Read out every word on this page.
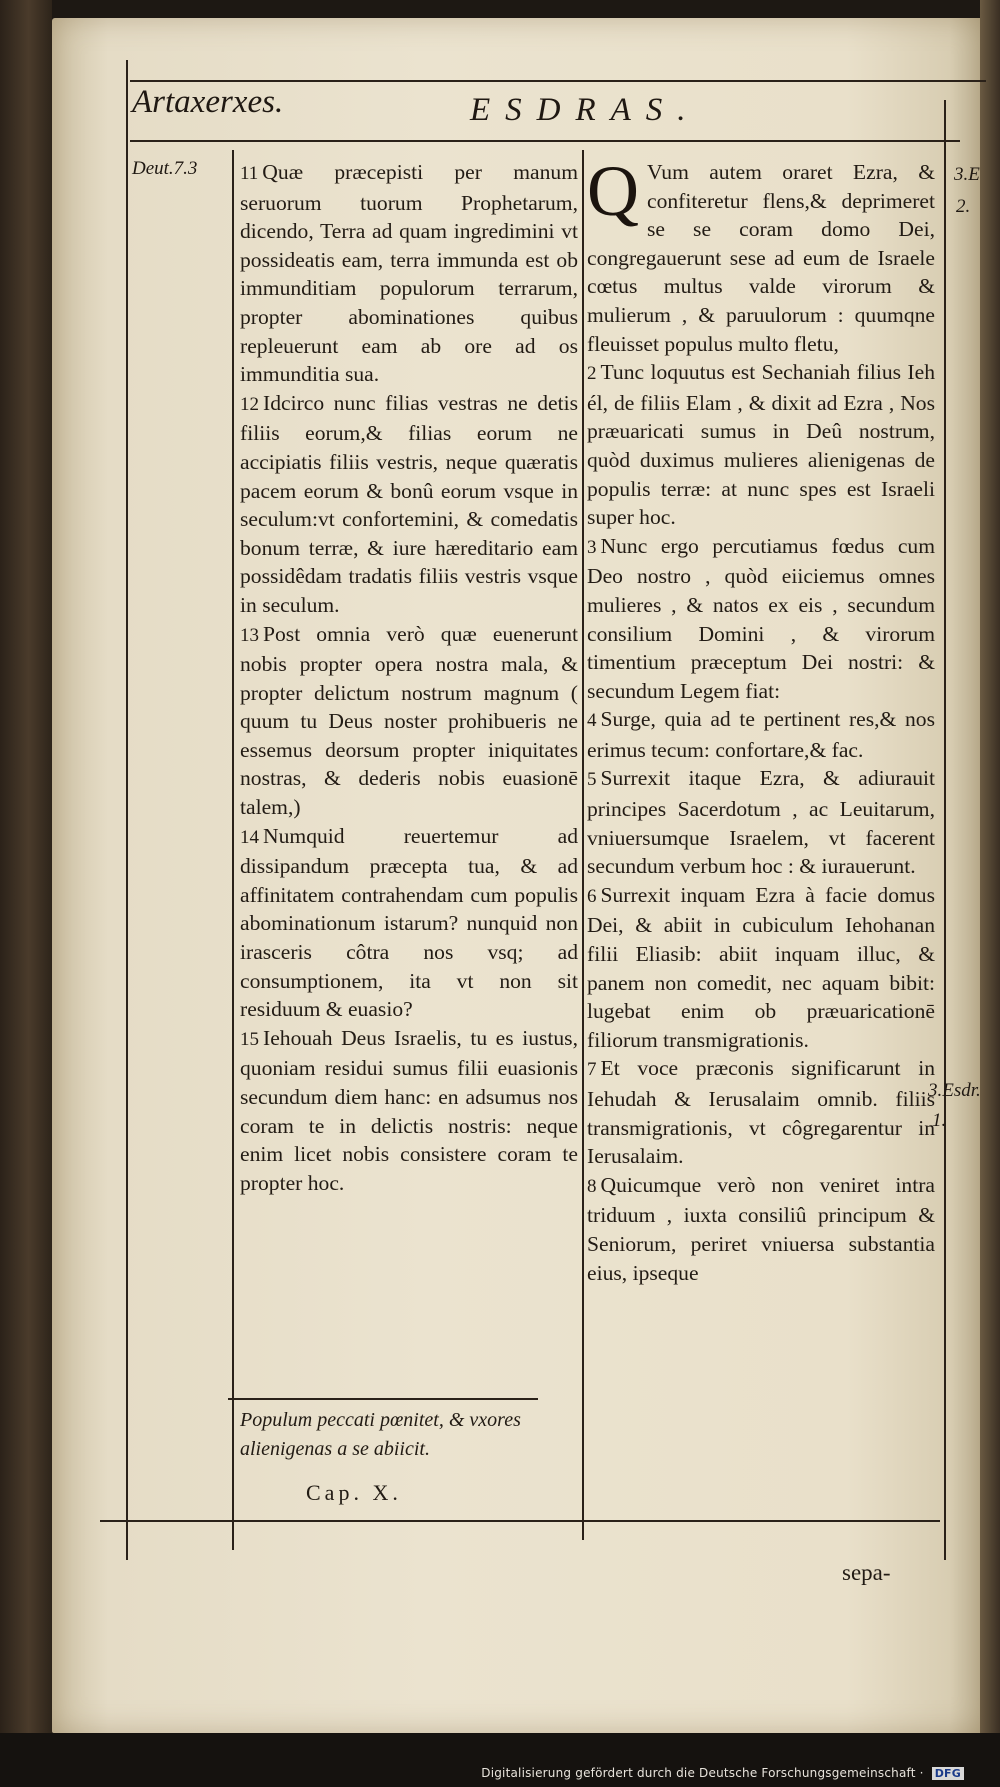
Artaxerxes.	ESDRAS.
Deut.7.3	3.E
2.
3.Esdr.
1.

11 Quæ præcepisti per manum seruorum tuorum Prophetarum, dicendo, Terra ad quam ingredimini vt possideatis eam, terra immunda est ob immunditiam populorum terrarum, propter abominationes quibus repleuerunt eam ab ore ad os immunditia sua.

12 Idcirco nunc filias vestras ne detis filiis eorum,& filias eorum ne accipiatis filiis vestris, neque quæratis pacem eorum & bonû eorum vsque in seculum:vt confortemini, & comedatis bonum terræ, & iure hæreditario eam possidêdam tradatis filiis vestris vsque in seculum.

13 Post omnia verò quæ euenerunt nobis propter opera nostra mala, & propter delictum nostrum magnum ( quum tu Deus noster prohibueris ne essemus deorsum propter iniquitates nostras, & dederis nobis euasionē talem,)

14 Numquid reuertemur ad dissipandum præcepta tua, & ad affinitatem contrahendam cum populis abominationum istarum? nunquid non irasceris côtra nos vsq; ad consumptionem, ita vt non sit residuum & euasio?

15 Iehouah Deus Israelis, tu es iustus, quoniam residui sumus filii euasionis secundum diem hanc: en adsumus nos coram te in delictis nostris: neque enim licet nobis consistere coram te propter hoc.

Populum peccati pœnitet, & vxores alienigenas a se abiicit.
Cap. X.

Q Vum autem oraret Ezra, & confiteretur flens,& deprimeret se se coram domo Dei, congregauerunt sese ad eum de Israele cœtus multus valde virorum & mulierum , & paruulorum : quumqne fleuisset populus multo fletu,

2 Tunc loquutus est Sechaniah filius Ieh él, de filiis Elam , & dixit ad Ezra , Nos præuaricati sumus in Deû nostrum, quòd duximus mulieres alienigenas de populis terræ: at nunc spes est Israeli super hoc.

3 Nunc ergo percutiamus fœdus cum Deo nostro , quòd eiiciemus omnes mulieres , & natos ex eis , secundum consilium Domini , & virorum timentium præceptum Dei nostri: & secundum Legem fiat:

4 Surge, quia ad te pertinent res,& nos erimus tecum: confortare,& fac.

5 Surrexit itaque Ezra, & adiurauit principes Sacerdotum , ac Leuitarum, vniuersumque Israelem, vt facerent secundum verbum hoc : & iurauerunt.

6 Surrexit inquam Ezra à facie domus Dei, & abiit in cubiculum Iehohanan filii Eliasib: abiit inquam illuc, & panem non comedit, nec aquam bibit: lugebat enim ob præuaricationē filiorum transmigrationis.

7 Et voce præconis significarunt in Iehudah & Ierusalaim omnib. filiis transmigrationis, vt côgregarentur in Ierusalaim.

8 Quicumque verò non veniret intra triduum , iuxta consiliû principum & Seniorum, periret vniuersa substantia eius, ipseque

sepa-
Digitalisierung gefördert durch die Deutsche Forschungsgemeinschaft · DFG
